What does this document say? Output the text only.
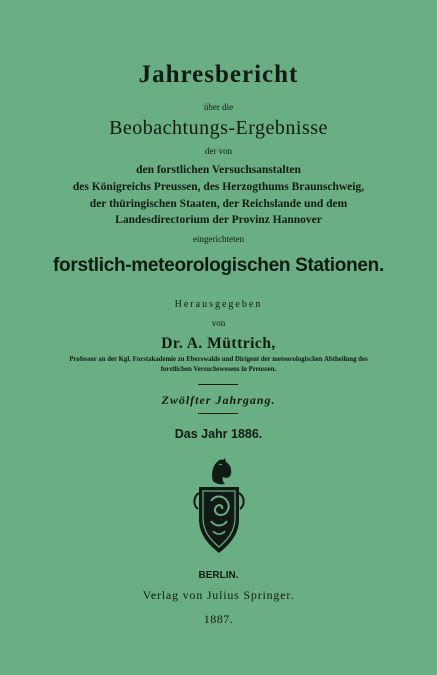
Jahresbericht
über die
Beobachtungs-Ergebnisse
der von
den forstlichen Versuchsanstalten
des Königreichs Preussen, des Herzogthums Braunschweig,
der thüringischen Staaten, der Reichslande und dem
Landesdirectorium der Provinz Hannover
eingerichteten
forstlich-meteorologischen Stationen.
Herausgegeben
von
Dr. A. Müttrich,
Professor an der Kgl. Forstakademie zu Eberswalde und Dirigent der meteorologischen Abtheilung des
forstlichen Versuchswesens in Preussen.
Zwölfter Jahrgang.
Das Jahr 1886.
BERLIN.
Verlag von Julius Springer.
1887.
